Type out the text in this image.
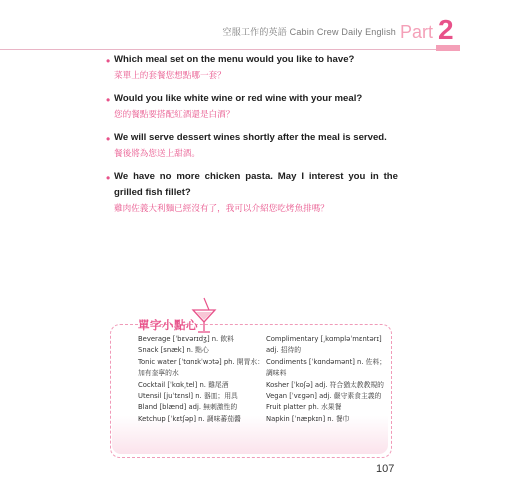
空服工作的英語 Cabin Crew Daily English Part 2
• Which meal set on the menu would you like to have?
菜單上的套餐您想點哪一套？
• Would you like white wine or red wine with your meal?
您的餐點要搭配紅酒還是白酒？
• We will serve dessert wines shortly after the meal is served.
餐後將為您送上甜酒。
• We have no more chicken pasta. May I interest you in the grilled fish fillet?
雞肉佐義大利麵已經沒有了，我可以介紹您吃烤魚排嗎？
單字小點心
Beverage [ˈbɛvərɪdʒ] n. 飲料
Snack [snæk] n. 點心
Tonic water [ˈtɑnɪkˈwɔtə] ph. 開胃水：
加有奎寧的水
Cocktail [ˈkɑk͵tel] n. 雞尾酒
Utensil [juˈtɛnsl] n. 器皿；用具
Bland [blænd] adj. 無刺激性的
Ketchup [ˈkɛtʃəp] n. 調味蕃茄醬
Complimentary [͵kɑmpləˈmɛntərɪ]
adj. 招待的
Condiments [ˈkɑndəmənt] n. 佐料；
調味料
Kosher [ˈkoʃə] adj. 符合猶太教教規的
Vegan [ˈvɛgən] adj. 嚴守素食主義的
Fruit platter ph. 水果餐
Napkin [ˈnæpkɪn] n. 餐巾
107
